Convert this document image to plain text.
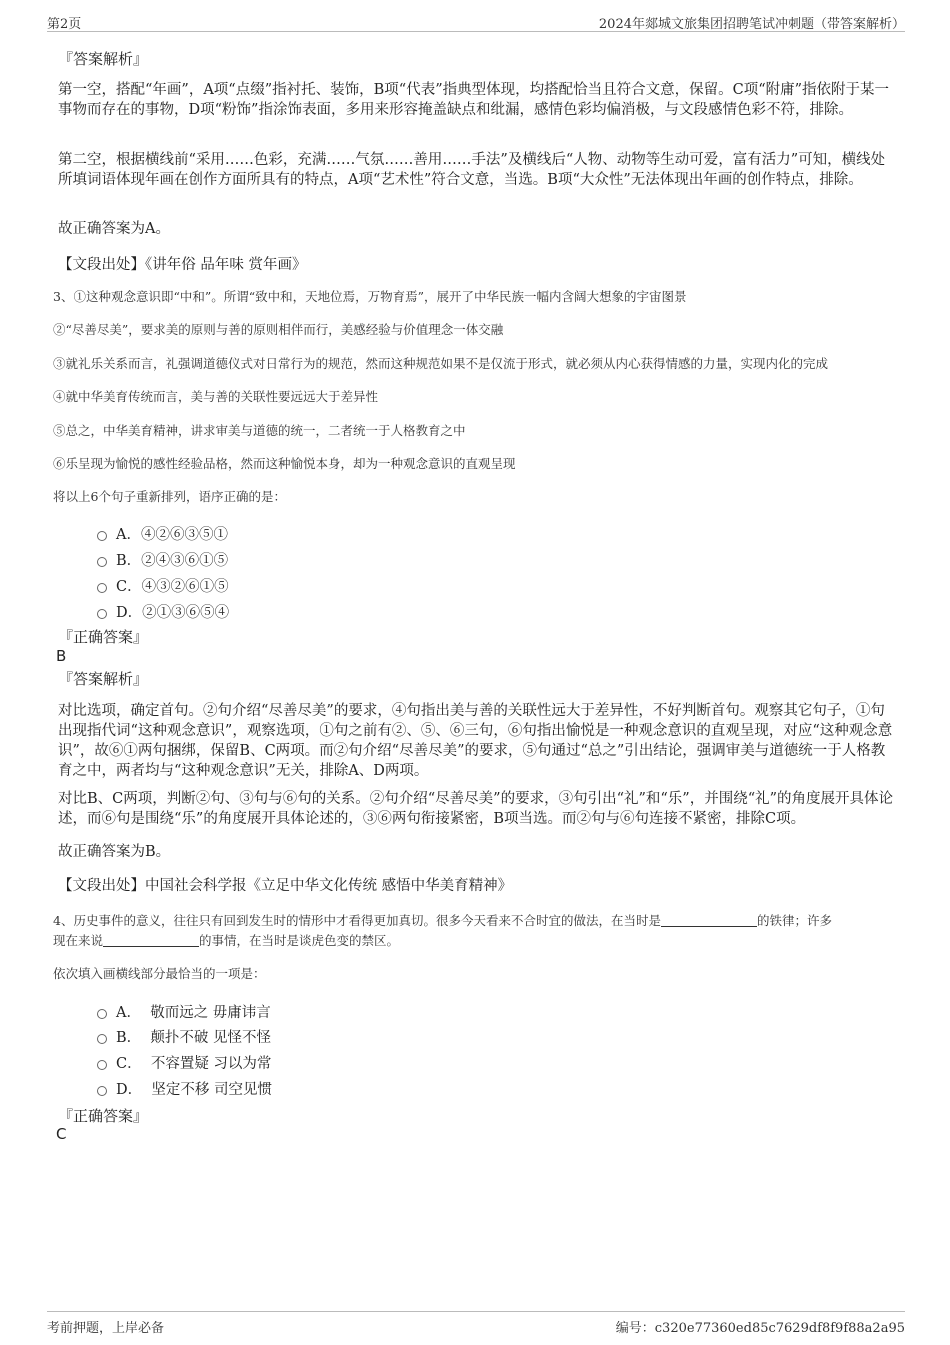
第2页	2024年郯城文旅集团招聘笔试冲刺题（带答案解析）
『答案解析』
第一空，搭配“年画”，A项“点缀”指衬托、装饰，B项“代表”指典型体现，均搭配恰当且符合文意，保留。C项“附庸”指依附于某一事物而存在的事物，D项“粉饰”指涂饰表面，多用来形容掩盖缺点和纰漏，感情色彩均偏消极，与文段感情色彩不符，排除。
第二空，根据横线前“采用……色彩，充满……气氛……善用……手法”及横线后“人物、动物等生动可爱，富有活力”可知，横线处所填词语体现年画在创作方面所具有的特点，A项“艺术性”符合文意，当选。B项“大众性”无法体现出年画的创作特点，排除。
故正确答案为A。
【文段出处】《讲年俗 品年味 赏年画》
3、①这种观念意识即“中和”。所谓“致中和，天地位焉，万物育焉”，展开了中华民族一幅内含阔大想象的宇宙图景
②“尽善尽美”，要求美的原则与善的原则相伴而行，美感经验与价值理念一体交融
③就礼乐关系而言，礼强调道德仪式对日常行为的规范，然而这种规范如果不是仅流于形式，就必须从内心获得情感的力量，实现内化的完成
④就中华美育传统而言，美与善的关联性要远远大于差异性
⑤总之，中华美育精神，讲求审美与道德的统一，二者统一于人格教育之中
⑥乐呈现为愉悦的感性经验品格，然而这种愉悦本身，却为一种观念意识的直观呈现
将以上6个句子重新排列，语序正确的是：
A．④②⑥③⑤①
B．②④③⑥①⑤
C．④③②⑥①⑤
D．②①③⑥⑤④
『正确答案』
B
『答案解析』
对比选项，确定首句。②句介绍“尽善尽美”的要求，④句指出美与善的关联性远大于差异性，不好判断首句。观察其它句子，①句出现指代词“这种观念意识”，观察选项，①句之前有②、⑤、⑥三句，⑥句指出愉悦是一种观念意识的直观呈现，对应“这种观念意识”，故⑥①两句捆绑，保留B、C两项。而②句介绍“尽善尽美”的要求，⑤句通过“总之”引出结论，强调审美与道德统一于人格教育之中，两者均与“这种观念意识”无关，排除A、D两项。
对比B、C两项，判断②句、③句与⑥句的关系。②句介绍“尽善尽美”的要求，③句引出“礼”和“乐”，并围绕“礼”的角度展开具体论述，而⑥句是围绕“乐”的角度展开具体论述的，③⑥两句衔接紧密，B项当选。而②句与⑥句连接不紧密，排除C项。
故正确答案为B。
【文段出处】中国社会科学报《立足中华文化传统 感悟中华美育精神》
4、历史事件的意义，往往只有回到发生时的情形中才看得更加真切。很多今天看来不合时宜的做法，在当时是	的铁律；许多
现在来说	的事情，在当时是谈虎色变的禁区。
依次填入画横线部分最恰当的一项是：
A． 敬而远之 毋庸讳言
B． 颠扑不破 见怪不怪
C． 不容置疑 习以为常
D． 坚定不移 司空见惯
『正确答案』
C
考前押题，上岸必备	编号：c320e77360ed85c7629df8f9f88a2a95
